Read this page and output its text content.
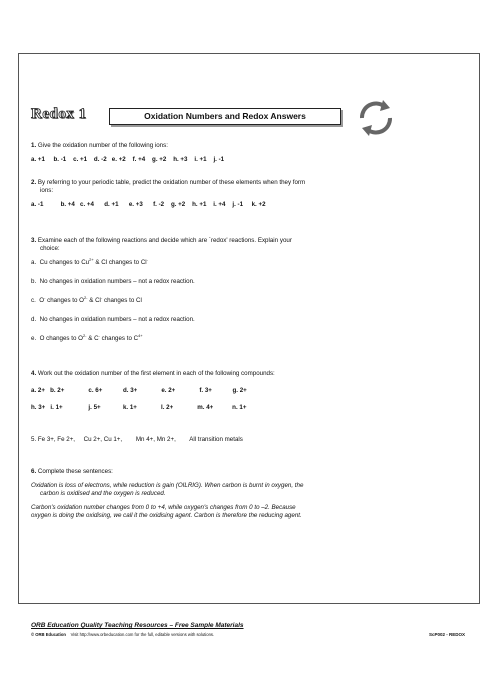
Redox 1	Oxidation Numbers and Redox Answers

1. Give the oxidation number of the following ions:

a. +1     b. -1    c. +1    d. -2   e. +2    f. +4    g. +2    h. +3    i. +1    j. -1

2. By referring to your periodic table, predict the oxidation number of these elements when they form

ions:

a. -1          b. +4   c. +4      d. +1      e. +3      f. -2    g. +2    h. +1    i. +4    j. -1     k. +2

3. Examine each of the following reactions and decide which are `redox' reactions. Explain your

choice:

a.  Cu changes to $Cu^{2+}$ & Cl changes to Cl-

b.  No changes in oxidation numbers – not a redox reaction.

c.  O- changes to $O^{2-}$ & Cl- changes to Cl

d.  No changes in oxidation numbers – not a redox reaction.

e.  O changes to $O^{2-}$ & C- changes to $C^{4+}$

4. Work out the oxidation number of the first element in each of the following compounds:

a. 2+   b. 2+              c. 6+            d. 3+              e. 2+              f. 3+            g. 2+

h. 3+   i. 1+               j. 5+             k. 1+              l. 2+              m. 4+           n. 1+

5. Fe 3+, Fe 2+,     Cu 2+, Cu 1+,        Mn 4+, Mn 2+,        All transition metals

6. Complete these sentences:

Oxidation is loss of electrons, while reduction is gain (OILRIG). When carbon is burnt in oxygen, the

carbon is oxidised and the oxygen is reduced.

Carbon's oxidation number changes from 0 to +4, while oxygen's changes from 0 to –2. Because

oxygen is doing the oxidising, we call it the oxidising agent. Carbon is therefore the reducing agent.

ORB Education Quality Teaching Resources – Free Sample Materials
© ORB Education Visit http://www.orbeducation.com for the full, editable versions with solutions.	ScP002 - REDOX
